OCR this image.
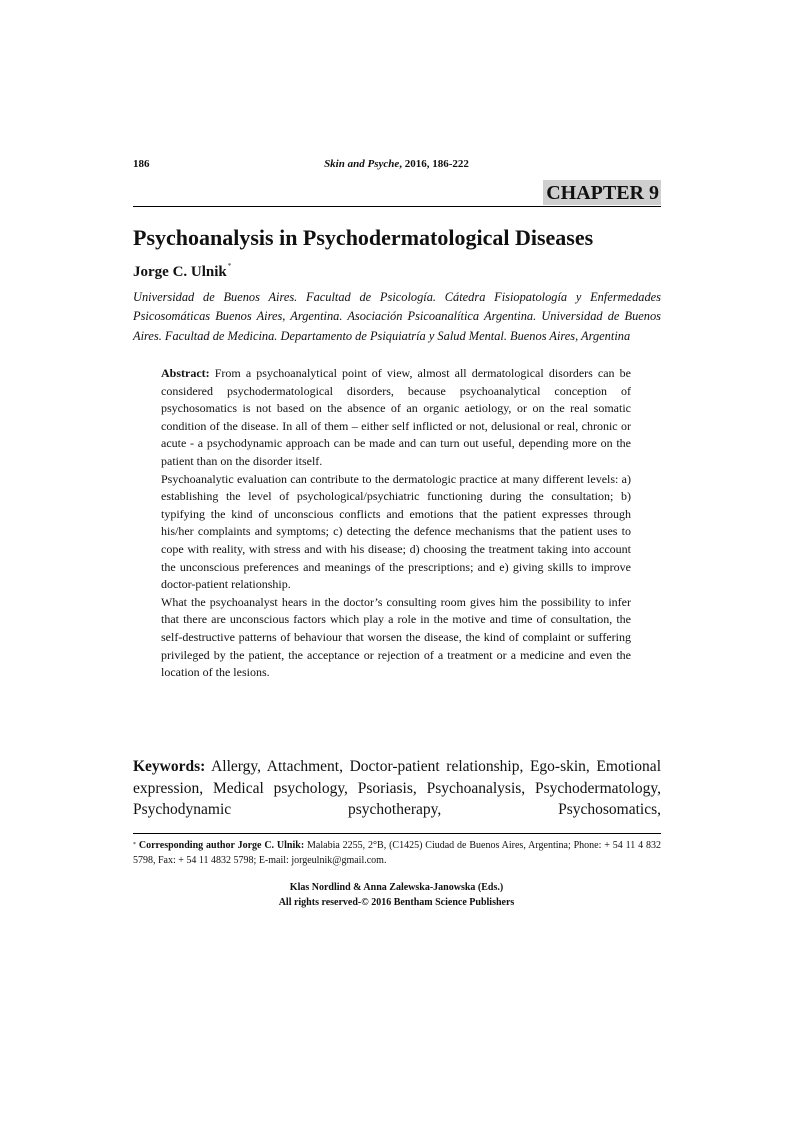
186	Skin and Psyche, 2016, 186-222
CHAPTER 9
Psychoanalysis in Psychodermatological Diseases
Jorge C. Ulnik*
Universidad de Buenos Aires. Facultad de Psicología. Cátedra Fisiopatología y Enfermedades Psicosomáticas Buenos Aires, Argentina. Asociación Psicoanalítica Argentina. Universidad de Buenos Aires. Facultad de Medicina. Departamento de Psiquiatría y Salud Mental. Buenos Aires, Argentina

Abstract: From a psychoanalytical point of view, almost all dermatological disorders can be considered psychodermatological disorders, because psychoanalytical conception of psychosomatics is not based on the absence of an organic aetiology, or on the real somatic condition of the disease. In all of them – either self inflicted or not, delusional or real, chronic or acute - a psychodynamic approach can be made and can turn out useful, depending more on the patient than on the disorder itself.

Psychoanalytic evaluation can contribute to the dermatologic practice at many different levels: a) establishing the level of psychological/psychiatric functioning during the consultation; b) typifying the kind of unconscious conflicts and emotions that the patient expresses through his/her complaints and symptoms; c) detecting the defence mechanisms that the patient uses to cope with reality, with stress and with his disease; d) choosing the treatment taking into account the unconscious preferences and meanings of the prescriptions; and e) giving skills to improve doctor-patient relationship.

What the psychoanalyst hears in the doctor’s consulting room gives him the possibility to infer that there are unconscious factors which play a role in the motive and time of consultation, the self-destructive patterns of behaviour that worsen the disease, the kind of complaint or suffering privileged by the patient, the acceptance or rejection of a treatment or a medicine and even the location of the lesions.

Keywords: Allergy, Attachment, Doctor-patient relationship, Ego-skin, Emotional expression, Medical psychology, Psoriasis, Psychoanalysis, Psychodermatology, Psychodynamic psychotherapy, Psychosomatics,
* Corresponding author Jorge C. Ulnik: Malabia 2255, 2°B, (C1425) Ciudad de Buenos Aires, Argentina; Phone: + 54 11 4 832 5798, Fax: + 54 11 4832 5798; E-mail: jorgeulnik@gmail.com.
Klas Nordlind & Anna Zalewska-Janowska (Eds.)
All rights reserved-© 2016 Bentham Science Publishers
